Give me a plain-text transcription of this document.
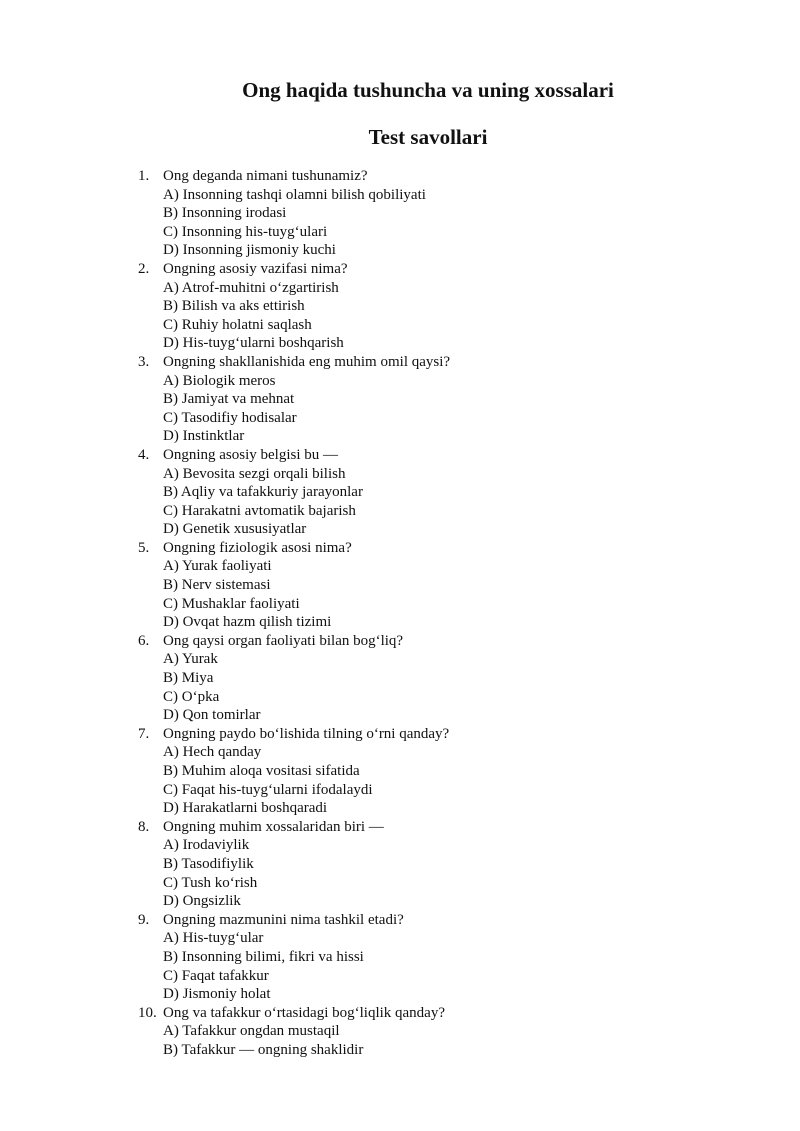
Ong haqida tushuncha va uning xossalari
Test savollari
1. Ong deganda nimani tushunamiz?
A) Insonning tashqi olamni bilish qobiliyati
B) Insonning irodasi
C) Insonning his-tuyg‘ulari
D) Insonning jismoniy kuchi
2. Ongning asosiy vazifasi nima?
A) Atrof-muhitni o‘zgartirish
B) Bilish va aks ettirish
C) Ruhiy holatni saqlash
D) His-tuyg‘ularni boshqarish
3. Ongning shakllanishida eng muhim omil qaysi?
A) Biologik meros
B) Jamiyat va mehnat
C) Tasodifiy hodisalar
D) Instinktlar
4. Ongning asosiy belgisi bu —
A) Bevosita sezgi orqali bilish
B) Aqliy va tafakkuriy jarayonlar
C) Harakatni avtomatik bajarish
D) Genetik xususiyatlar
5. Ongning fiziologik asosi nima?
A) Yurak faoliyati
B) Nerv sistemasi
C) Mushaklar faoliyati
D) Ovqat hazm qilish tizimi
6. Ong qaysi organ faoliyati bilan bog‘liq?
A) Yurak
B) Miya
C) O‘pka
D) Qon tomirlar
7. Ongning paydo bo‘lishida tilning o‘rni qanday?
A) Hech qanday
B) Muhim aloqa vositasi sifatida
C) Faqat his-tuyg‘ularni ifodalaydi
D) Harakatlarni boshqaradi
8. Ongning muhim xossalaridan biri —
A) Irodaviylik
B) Tasodifiylik
C) Tush ko‘rish
D) Ongsizlik
9. Ongning mazmunini nima tashkil etadi?
A) His-tuyg‘ular
B) Insonning bilimi, fikri va hissi
C) Faqat tafakkur
D) Jismoniy holat
10. Ong va tafakkur o‘rtasidagi bog‘liqlik qanday?
A) Tafakkur ongdan mustaqil
B) Tafakkur — ongning shaklidir
